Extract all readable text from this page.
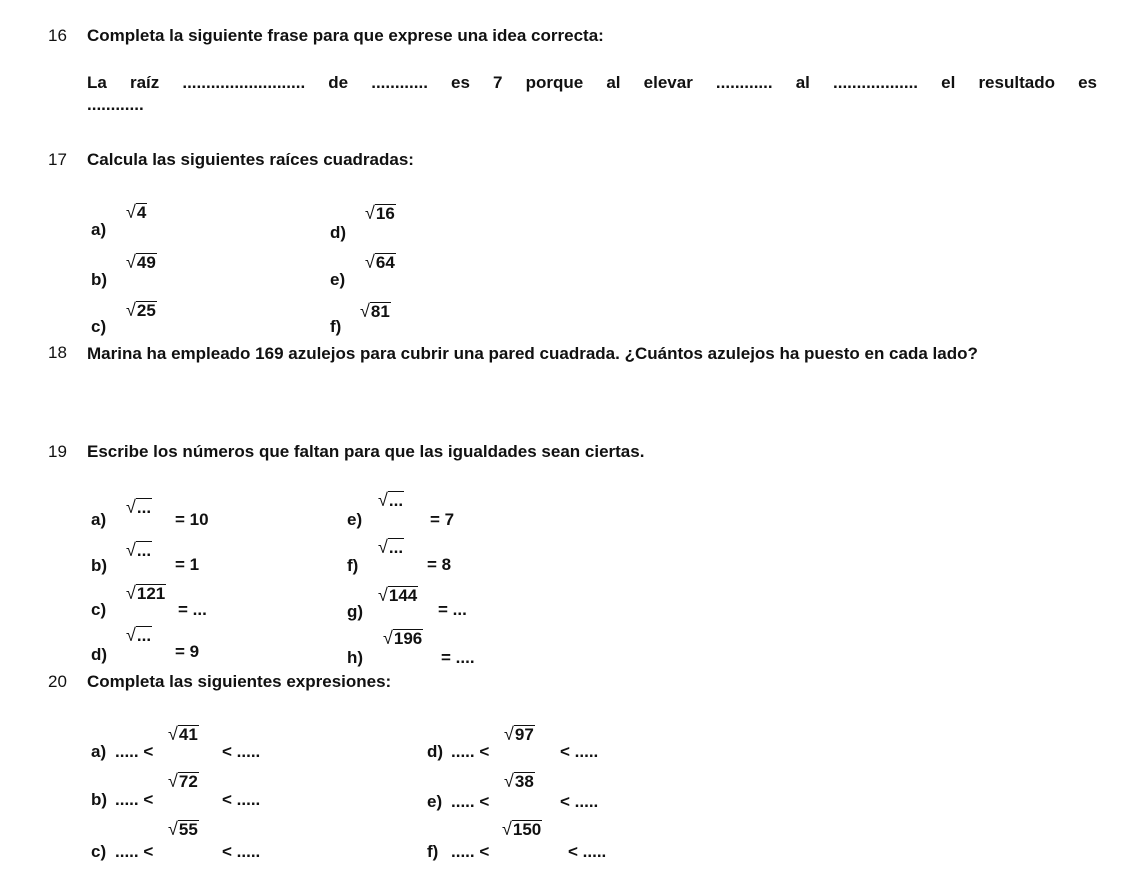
16 Completa la siguiente frase para que exprese una idea correcta:
La raíz .......................... de ............ es 7 porque al elevar ............ al .................. el resultado es
............
17 Calcula las siguientes raíces cuadradas:
a)
√4
b)
√49
c)
√25
d)
√16
e)
√64
f)
√81
18 Marina ha empleado 169 azulejos para cubrir una pared cuadrada. ¿Cuántos azulejos ha puesto en cada lado?
19 Escribe los números que faltan para que las igualdades sean ciertas.
a)
√...
= 10
b)
√...
= 1
c)
√121
= ...
d)
√...
= 9
e)
√...
= 7
f)
√...
= 8
g)
√144
= ...
h)
√196
= ....
20 Completa las siguientes expresiones:
a) ..... <
√41
< .....
b) ..... <
√72
< .....
c) ..... <
√55
< .....
d) ..... <
√97
< .....
e) ..... <
√38
< .....
f) ..... <
√150
< .....
